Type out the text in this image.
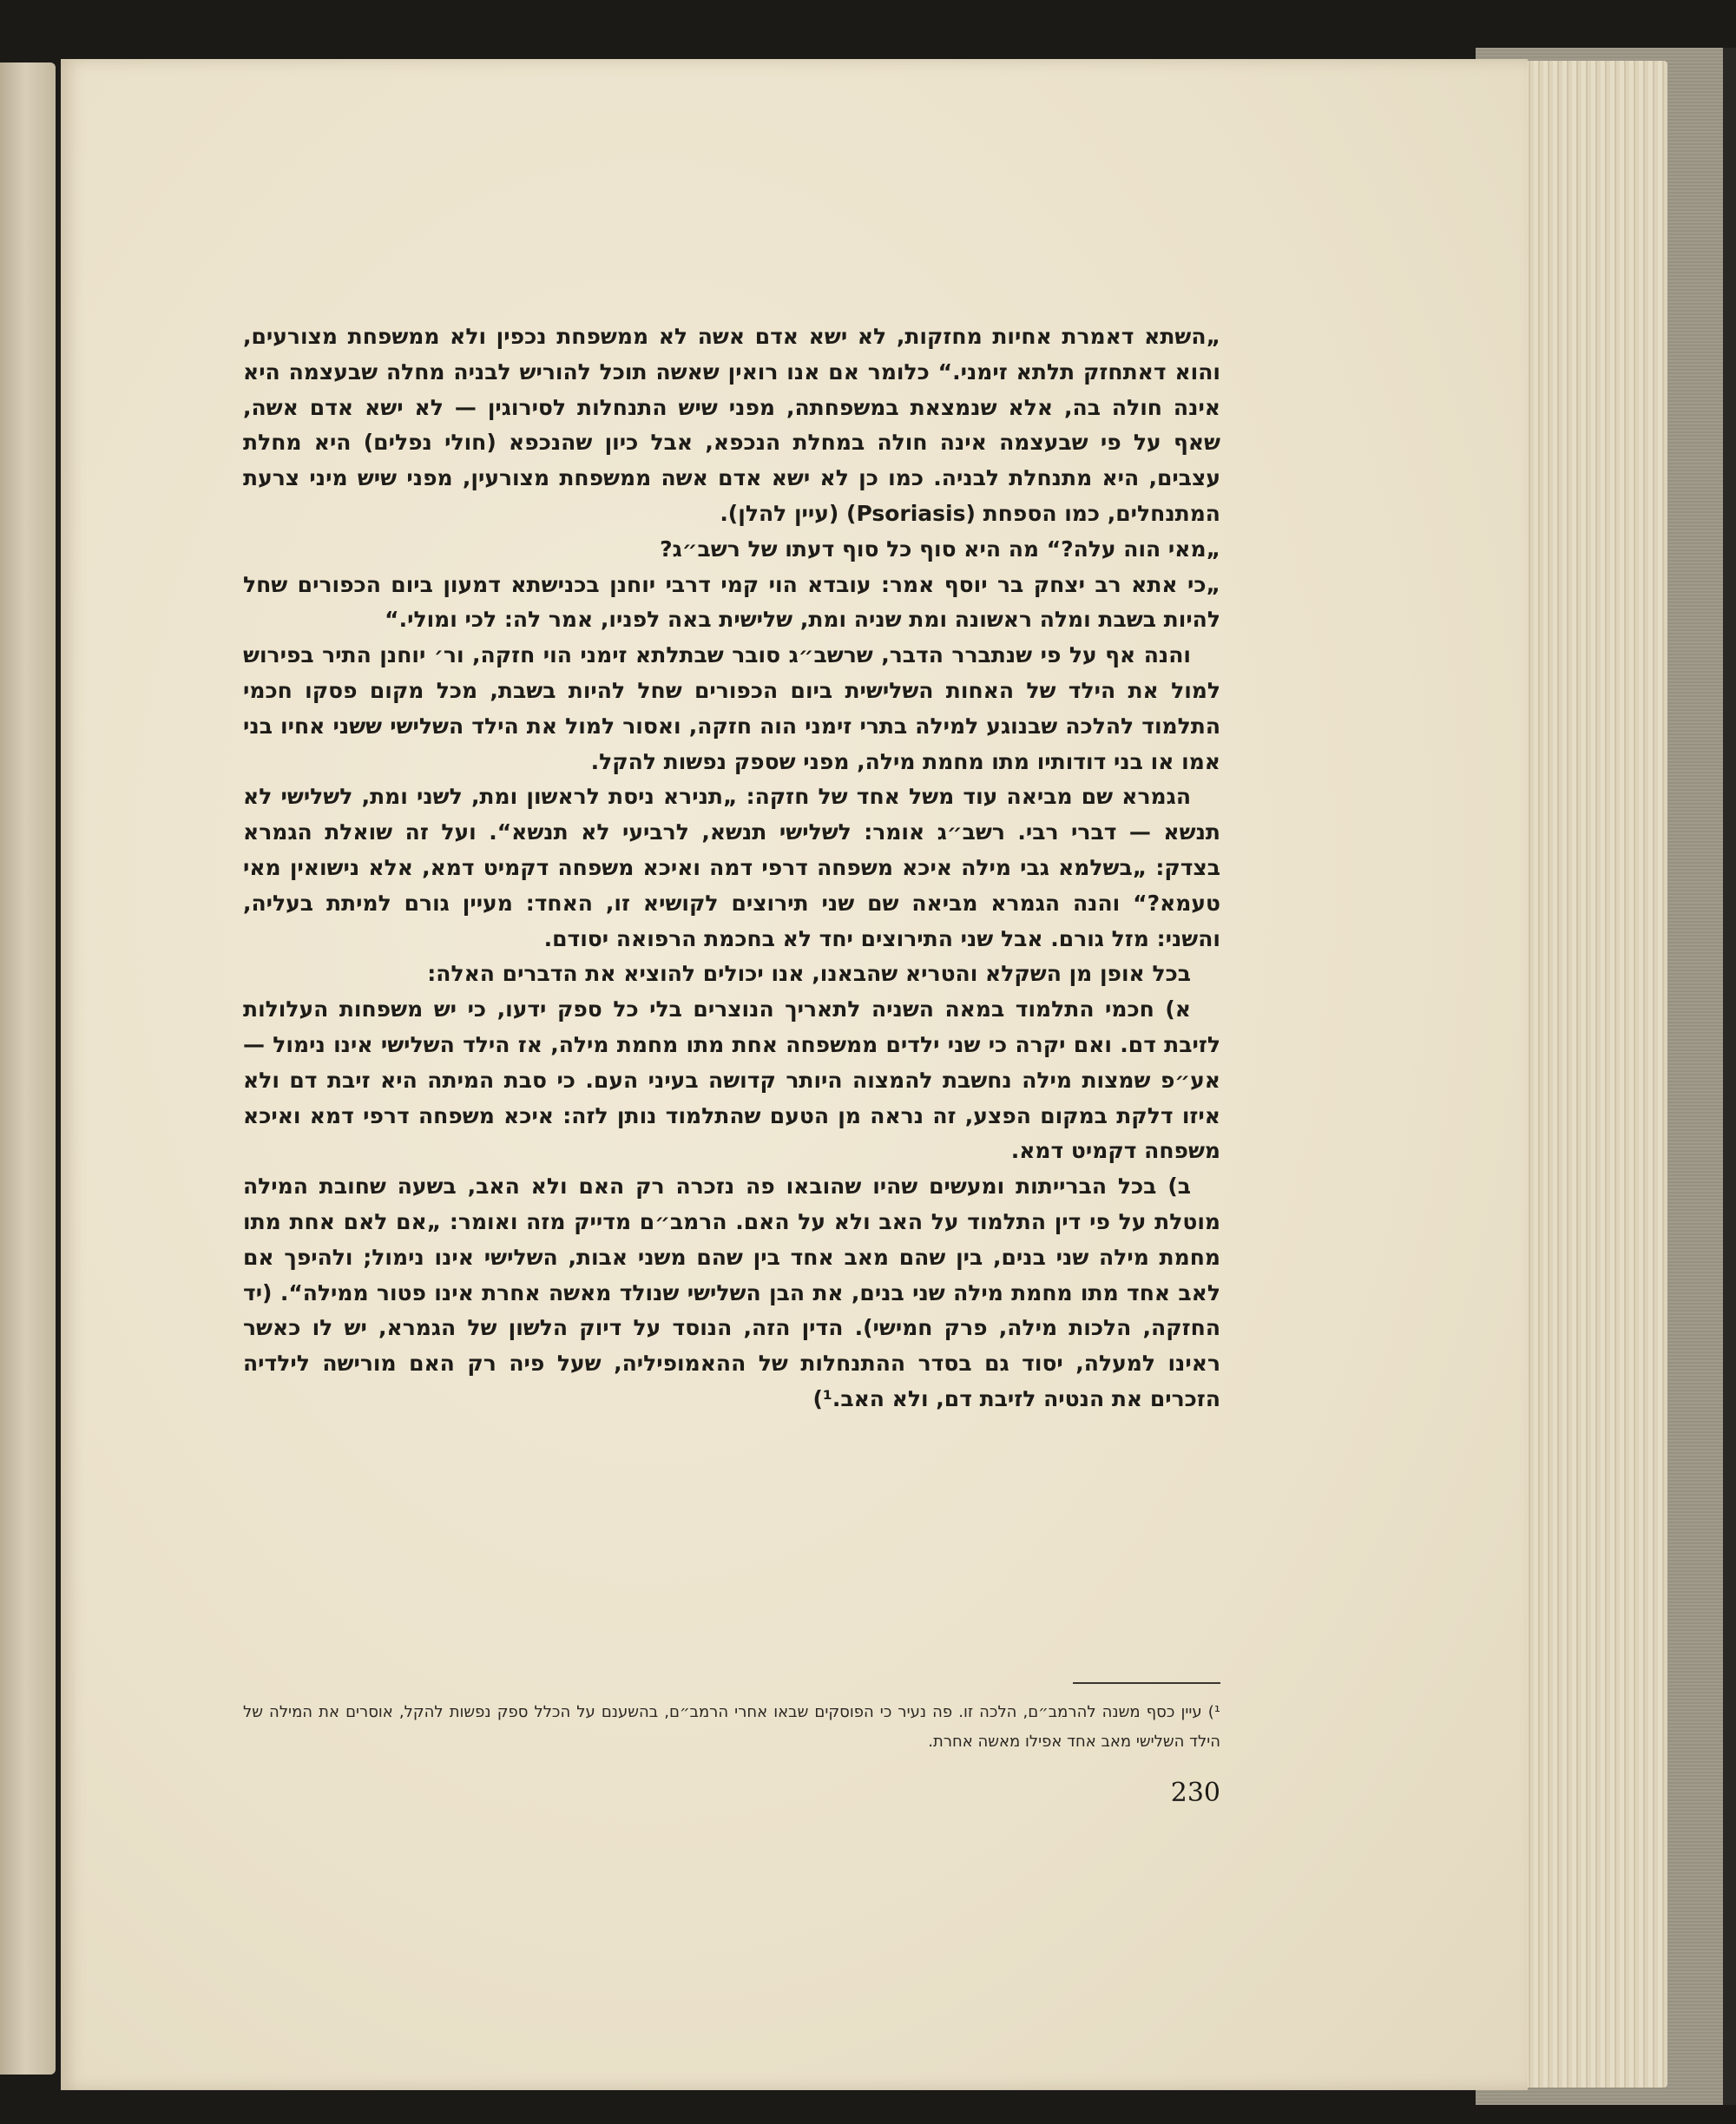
„השתא דאמרת אחיות מחזקות, לא ישא אדם אשה לא ממשפחת נכפין ולא ממשפחת מצורעים, והוא דאתחזק תלתא זימני.“ כלומר אם אנו רואין שאשה תוכל להוריש לבניה מחלה שבעצמה היא אינה חולה בה, אלא שנמצאת במשפחתה, מפני שיש התנחלות לסירוגין — לא ישא אדם אשה, שאף על פי שבעצמה אינה חולה במחלת הנכפא, אבל כיון שהנכפא (חולי נפלים) היא מחלת עצבים, היא מתנחלת לבניה. כמו כן לא ישא אדם אשה ממשפחת מצורעין, מפני שיש מיני צרעת המתנחלים, כמו הספחת (Psoriasis) (עיין להלן).

„מאי הוה עלה?“ מה היא סוף כל סוף דעתו של רשב״ג?

„כי אתא רב יצחק בר יוסף אמר: עובדא הוי קמי דרבי יוחנן בכנישתא דמעון ביום הכפורים שחל להיות בשבת ומלה ראשונה ומת שניה ומת, שלישית באה לפניו, אמר לה: לכי ומולי.“

והנה אף על פי שנתברר הדבר, שרשב״ג סובר שבתלתא זימני הוי חזקה, ור׳ יוחנן התיר בפירוש למול את הילד של האחות השלישית ביום הכפורים שחל להיות בשבת, מכל מקום פסקו חכמי התלמוד להלכה שבנוגע למילה בתרי זימני הוה חזקה, ואסור למול את הילד השלישי ששני אחיו בני אמו או בני דודותיו מתו מחמת מילה, מפני שספק נפשות להקל.

הגמרא שם מביאה עוד משל אחד של חזקה: „תנירא ניסת לראשון ומת, לשני ומת, לשלישי לא תנשא — דברי רבי. רשב״ג אומר: לשלישי תנשא, לרביעי לא תנשא“. ועל זה שואלת הגמרא בצדק: „בשלמא גבי מילה איכא משפחה דרפי דמה ואיכא משפחה דקמיט דמא, אלא נישואין מאי טעמא?“ והנה הגמרא מביאה שם שני תירוצים לקושיא זו, האחד: מעיין גורם למיתת בעליה, והשני: מזל גורם. אבל שני התירוצים יחד לא בחכמת הרפואה יסודם.

בכל אופן מן השקלא והטריא שהבאנו, אנו יכולים להוציא את הדברים האלה:

א) חכמי התלמוד במאה השניה לתאריך הנוצרים בלי כל ספק ידעו, כי יש משפחות העלולות לזיבת דם. ואם יקרה כי שני ילדים ממשפחה אחת מתו מחמת מילה, אז הילד השלישי אינו נימול — אע״פ שמצות מילה נחשבת להמצוה היותר קדושה בעיני העם. כי סבת המיתה היא זיבת דם ולא איזו דלקת במקום הפצע, זה נראה מן הטעם שהתלמוד נותן לזה: איכא משפחה דרפי דמא ואיכא משפחה דקמיט דמא.

ב) בכל הברייתות ומעשים שהיו שהובאו פה נזכרה רק האם ולא האב, בשעה שחובת המילה מוטלת על פי דין התלמוד על האב ולא על האם. הרמב״ם מדייק מזה ואומר: „אם לאם אחת מתו מחמת מילה שני בנים, בין שהם מאב אחד בין שהם משני אבות, השלישי אינו נימול; ולהיפך אם לאב אחד מתו מחמת מילה שני בנים, את הבן השלישי שנולד מאשה אחרת אינו פטור ממילה“. (יד החזקה, הלכות מילה, פרק חמישי). הדין הזה, הנוסד על דיוק הלשון של הגמרא, יש לו כאשר ראינו למעלה, יסוד גם בסדר ההתנחלות של ההאמופיליה, שעל פיה רק האם מורישה לילדיה הזכרים את הנטיה לזיבת דם, ולא האב.¹)

¹) עיין כסף משנה להרמב״ם, הלכה זו. פה נעיר כי הפוסקים שבאו אחרי הרמב״ם, בהשענם על הכלל ספק נפשות להקל, אוסרים את המילה של הילד השלישי מאב אחד אפילו מאשה אחרת.

230
